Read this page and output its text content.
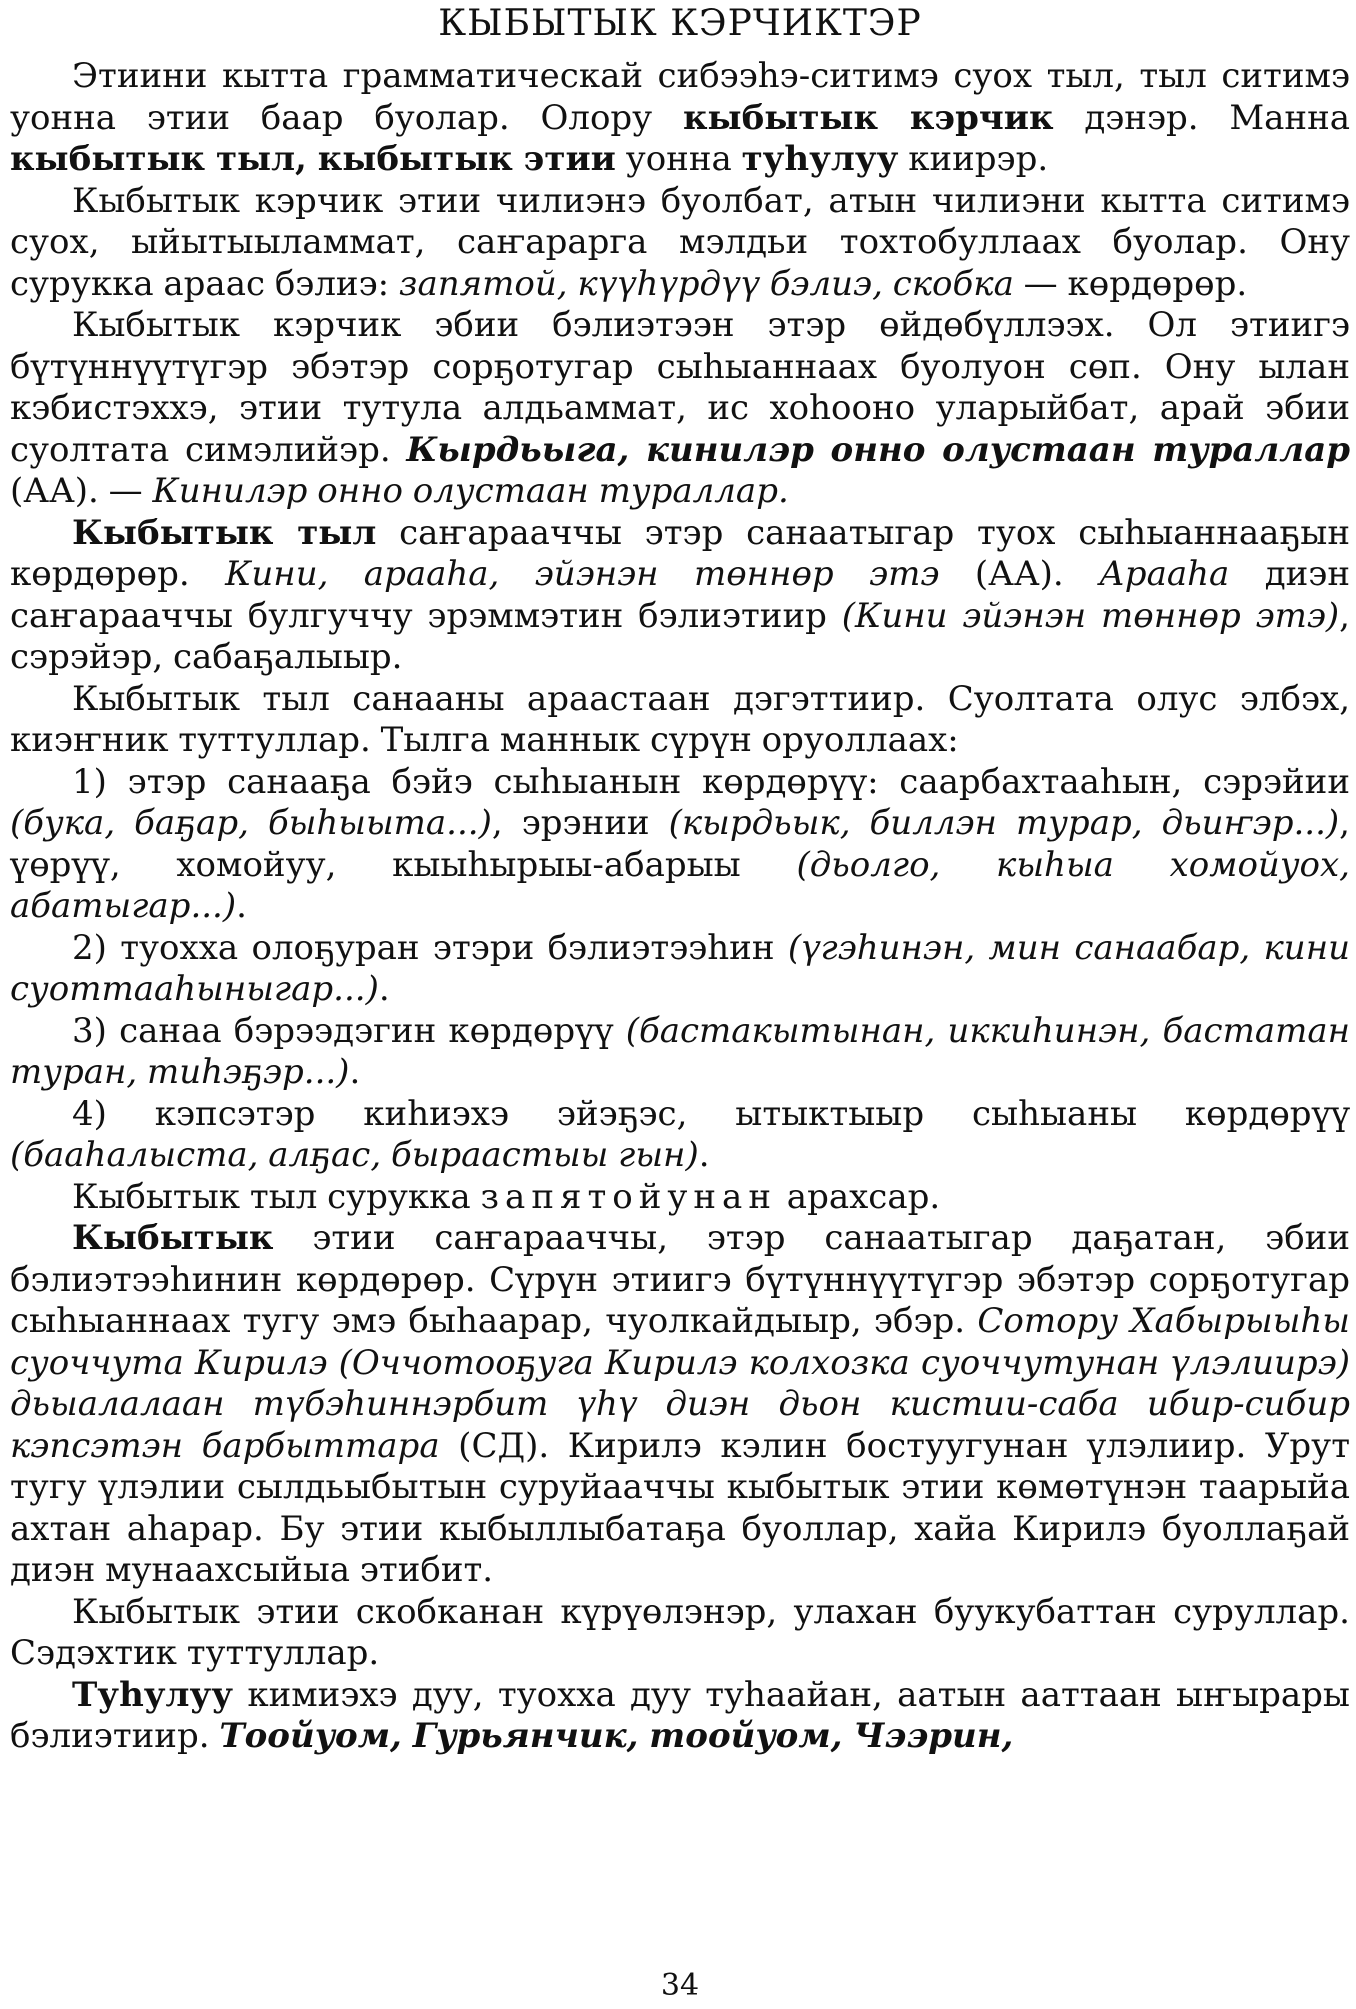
КЫБЫТЫК КЭРЧИКТЭР

Этиини кытта грамматическай сибээһэ-ситимэ суох тыл, тыл ситимэ уонна этии баар буолар. Олору кыбытык кэрчик дэнэр. Манна кыбытык тыл, кыбытык этии уонна туһулуу киирэр.

Кыбытык кэрчик этии чилиэнэ буолбат, атын чилиэни кытта ситимэ суох, ыйытыыламмат, саҥараргa мэлдьи тохтобуллаах буолар. Ону сурукка араас бэлиэ: запятой, күүһүрдүү бэлиэ, скобка — көрдөрөр.

Кыбытык кэрчик эбии бэлиэтээн этэр өйдөбүллээх. Ол этиигэ бүтүннүүтүгэр эбэтэр сорҕотугар сыһыаннаах буолуон сөп. Ону ылан кэбистэххэ, этии тутула алдьаммат, ис хоһооно уларыйбат, арай эбии суолтата симэлийэр. Кырдьыга, кинилэр онно олустаан тураллар (АА). — Кинилэр онно олустаан тураллар.

Кыбытык тыл саҥарааччы этэр санаатыгар туох сыһыаннааҕын көрдөрөр. Кини, арааһа, эйэнэн төннөр этэ (АА). Арааһа диэн саҥарааччы булгуччу эрэммэтин бэлиэтиир (Кини эйэнэн төннөр этэ), сэрэйэр, сабаҕалыыр.

Кыбытык тыл санааны араастаан дэгэттиир. Суолтата олус элбэх, киэҥник туттуллар. Тылга маннык сүрүн оруоллаах:

1) этэр санааҕа бэйэ сыһыанын көрдөрүү: саарбахтааһын, сэрэйии (бука, баҕар, быһыыта...), эрэнии (кырдьык, биллэн турар, дьиҥэр...), үөрүү, хомойуу, кыыһырыы-абарыы (дьолго, кыһыа хомойуох, абатыгар...).

2) туохха олоҕуран этэри бэлиэтээһин (үгэһинэн, мин санаабар, кини суоттааһыныгар...).

3) санаа бэрээдэгин көрдөрүү (бастакытынан, иккиһинэн, бастатан туран, тиһэҕэр...).

4) кэпсэтэр киһиэхэ эйэҕэс, ытыктыыр сыһыаны көрдөрүү (бааһалыста, алҕас, быраастыы гын).

Кыбытык тыл сурукка запятойунан арахсар.

Кыбытык этии саҥарааччы, этэр санаатыгар даҕатан, эбии бэлиэтээһинин көрдөрөр. Сүрүн этиигэ бүтүннүүтүгэр эбэтэр сорҕотугар сыһыаннаах тугу эмэ быһаарар, чуолкайдыыр, эбэр. Сотору Хабырыыһы суоччута Кирилэ (Оччотооҕуга Кирилэ колхозка суоччутунан үлэлиирэ) дьыалалаан түбэһиннэрбит үһү диэн дьон кистии-саба ибир-сибир кэпсэтэн барбыттара (СД). Кирилэ кэлин бостуугунан үлэлиир. Урут тугу үлэлии сылдьыбытын суруйааччы кыбытык этии көмөтүнэн таарыйа ахтан аһарар. Бу этии кыбыллыбатаҕа буоллар, хайа Кирилэ буоллаҕай диэн мунаахсыйыа этибит.

Кыбытык этии скобканан күрүөлэнэр, улахан буукубаттан суруллар. Сэдэхтик туттуллар.

Туһулуу кимиэхэ дуу, туохха дуу туһаайан, аатын ааттаан ыҥырары бэлиэтиир. Тоойуом, Гурьянчик, тоойуом, Чээрин,

34
